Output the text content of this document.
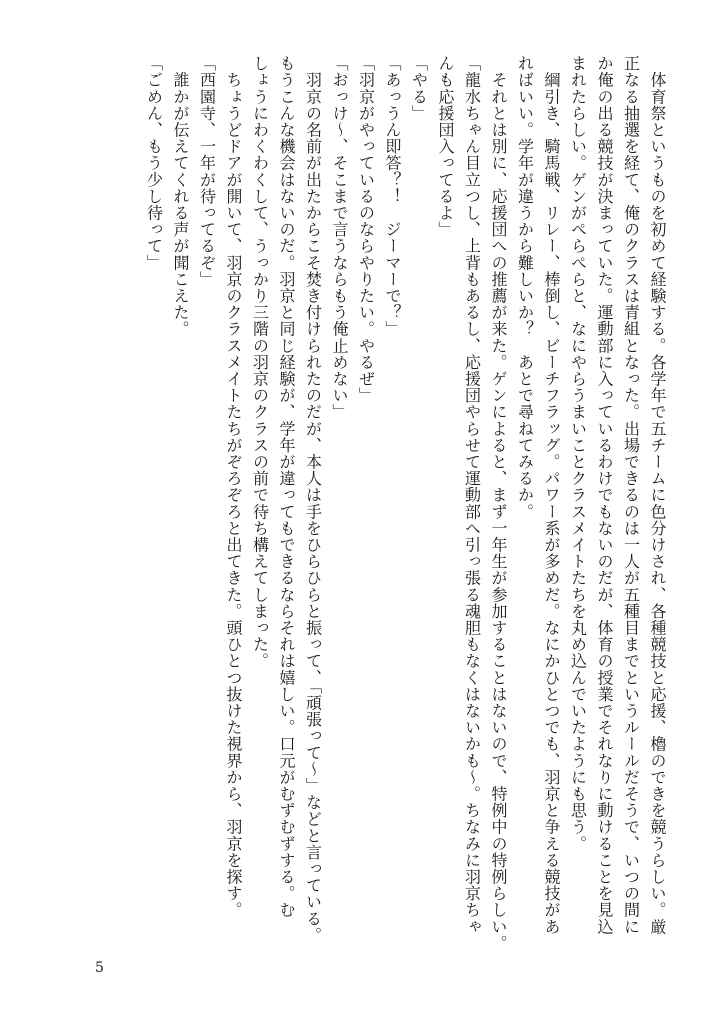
　体育祭というものを初めて経験する。各学年で五チームに色分けされ、各種競技と応援、櫓のできを競うらしい。厳

正なる抽選を経て、俺のクラスは青組となった。出場できるのは一人が五種目までというルールだそうで、いつの間に

か俺の出る競技が決まっていた。運動部に入っているわけでもないのだが、体育の授業でそれなりに動けることを見込

まれたらしい。ゲンがぺらぺらと、なにやらうまいことクラスメイトたちを丸め込んでいたようにも思う。

　綱引き、騎馬戦、リレー、棒倒し、ビーチフラッグ。パワー系が多めだ。なにかひとつでも、羽京と争える競技があ

ればいい。学年が違うから難しいか？　あとで尋ねてみるか。

　それとは別に、応援団への推薦が来た。ゲンによると、まず一年生が参加することはないので、特例中の特例らしい。

「龍水ちゃん目立つし、上背もあるし、応援団やらせて運動部へ引っ張る魂胆もなくはないかも〜。ちなみに羽京ちゃ

んも応援団入ってるよ」

「やる」

「あっうん即答？！　ジーマーで？」

「羽京がやっているのならやりたい。やるぜ」

「おっけ〜、そこまで言うならもう俺止めない」

　羽京の名前が出たからこそ焚き付けられたのだが、本人は手をひらひらと振って、「頑張って〜」などと言っている。

もうこんな機会はないのだ。羽京と同じ経験が、学年が違ってもできるならそれは嬉しい。口元がむずむずする。む

しょうにわくわくして、うっかり三階の羽京のクラスの前で待ち構えてしまった。

　ちょうどドアが開いて、羽京のクラスメイトたちがぞろぞろと出てきた。頭ひとつ抜けた視界から、羽京を探す。

「西園寺、一年が待ってるぞ」

　誰かが伝えてくれる声が聞こえた。

「ごめん、もう少し待って」

5
